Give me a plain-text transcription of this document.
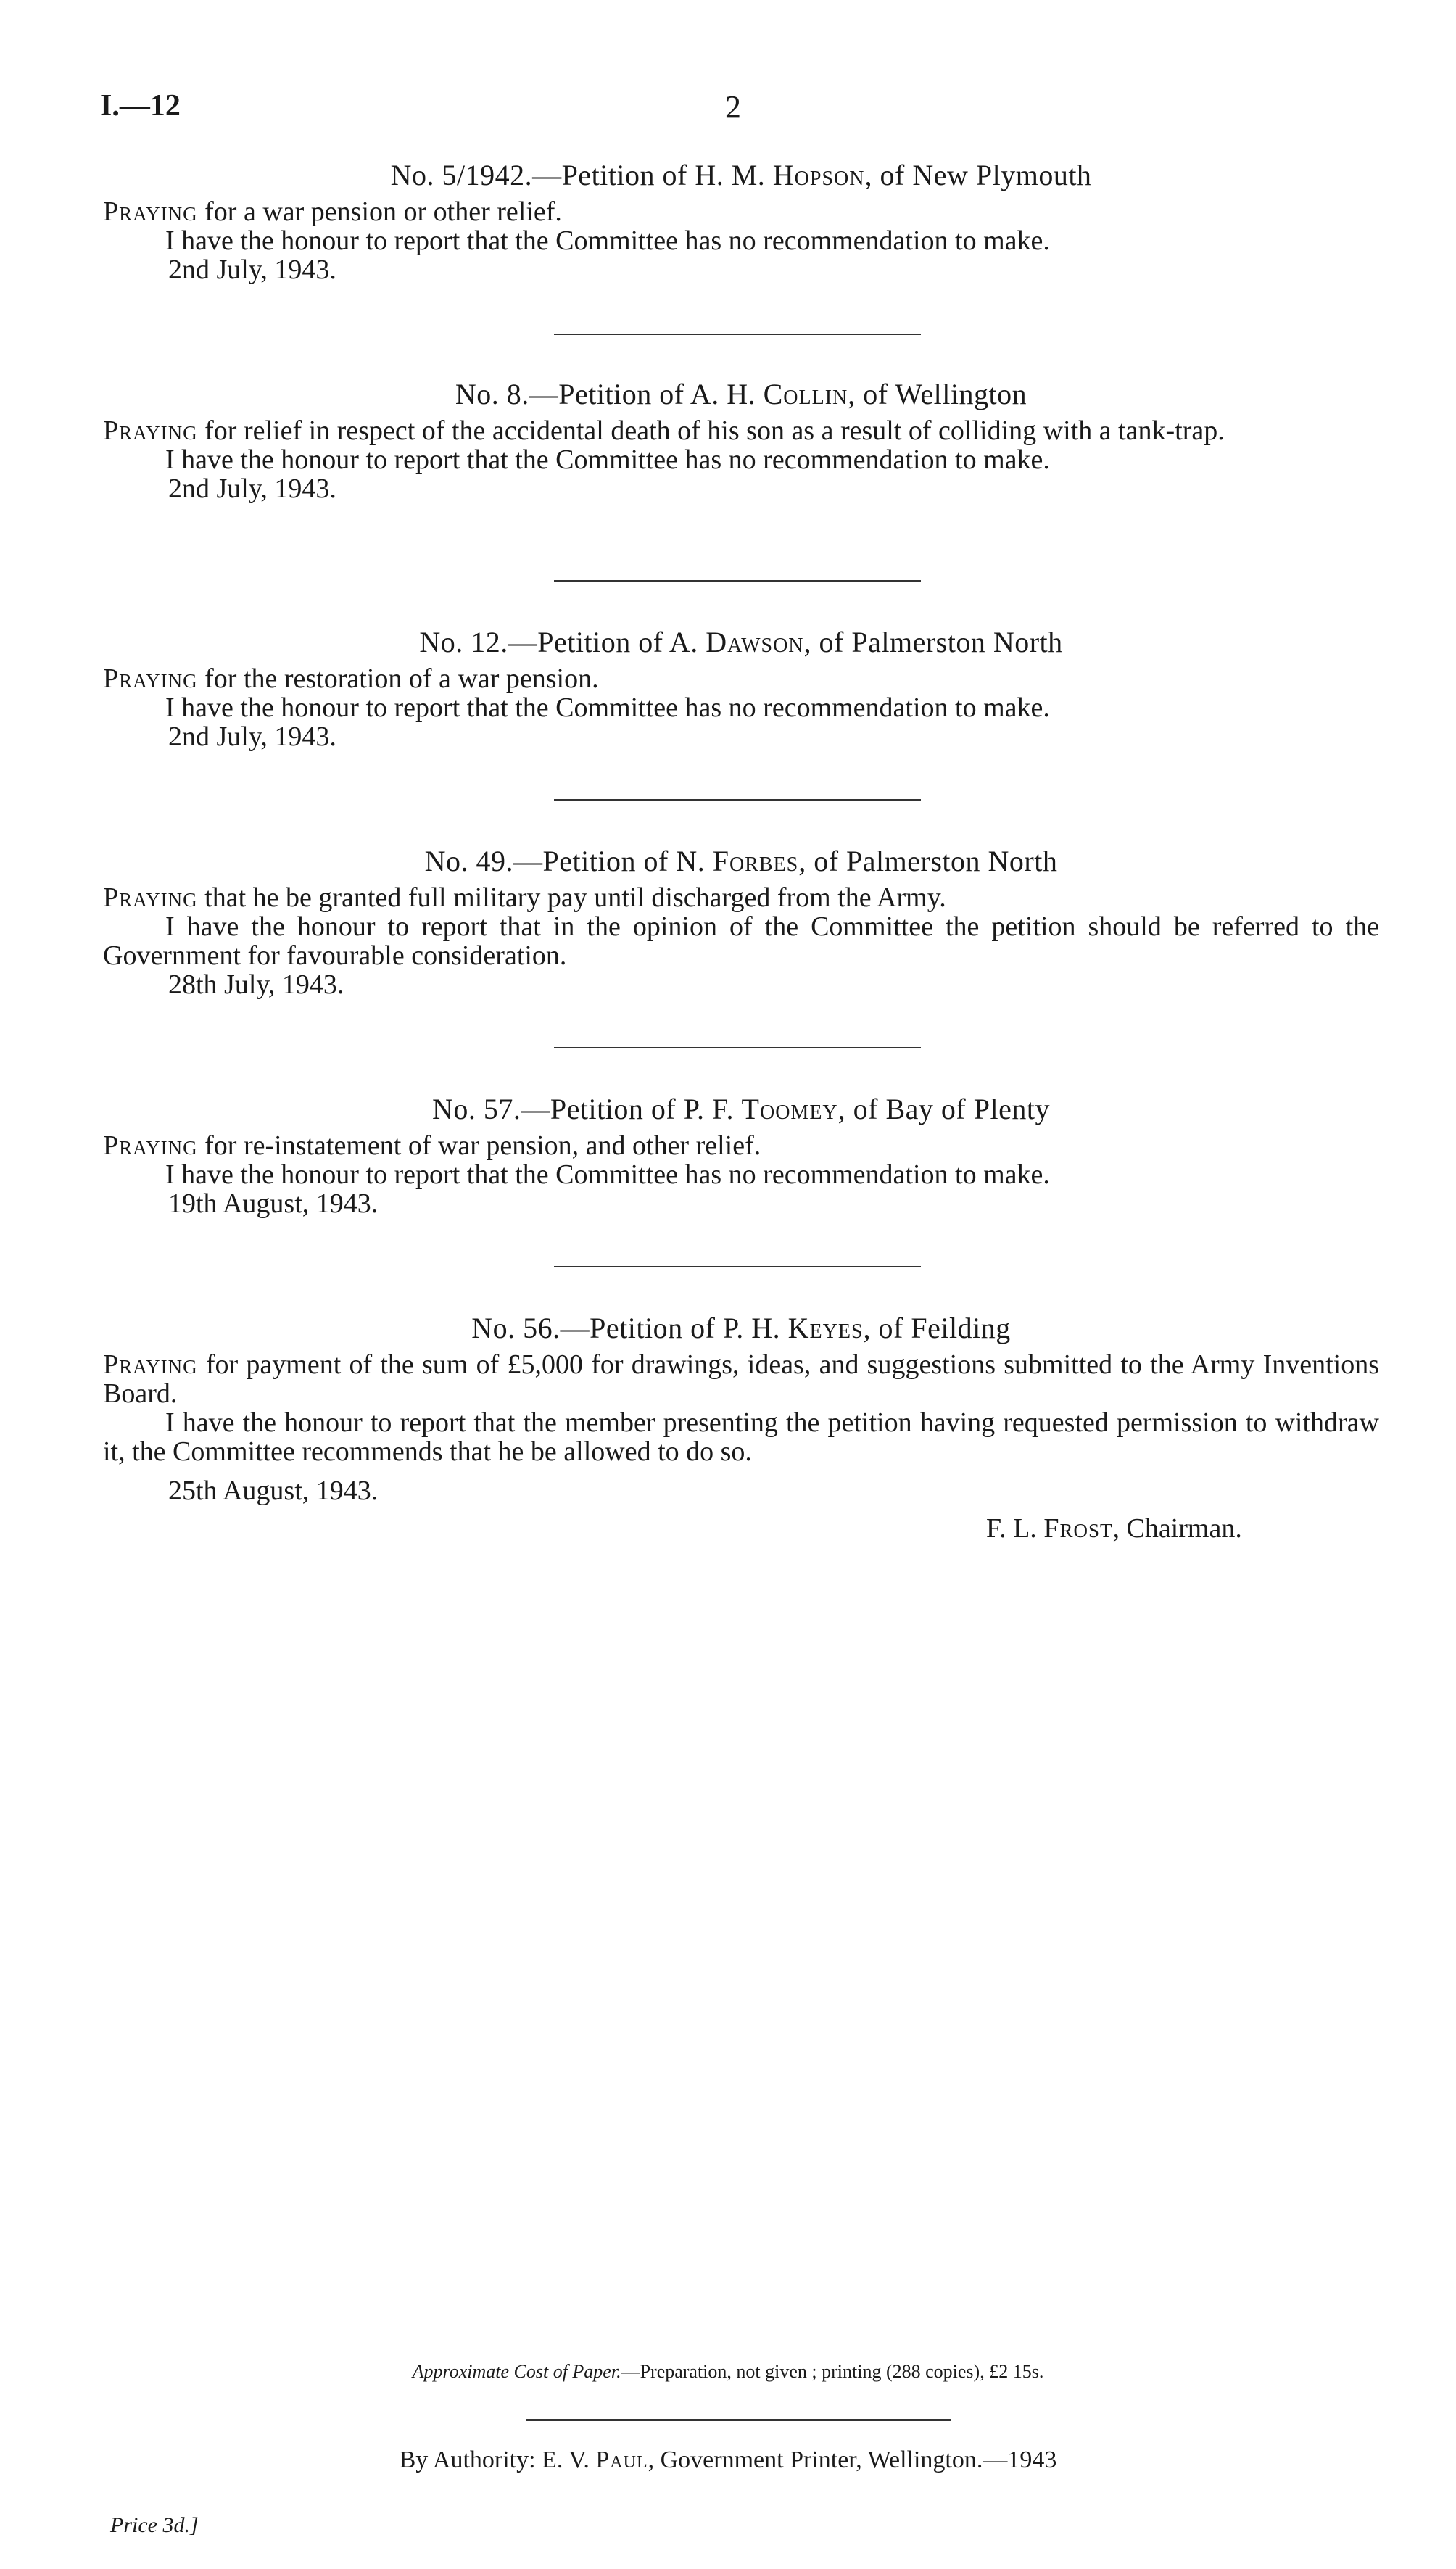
I.—12	2
No. 5/1942.—Petition of H. M. Hopson, of New Plymouth

Praying for a war pension or other relief.

I have the honour to report that the Committee has no recommendation to make.

2nd July, 1943.

No. 8.—Petition of A. H. Collin, of Wellington

Praying for relief in respect of the accidental death of his son as a result of colliding with a tank-trap.

I have the honour to report that the Committee has no recommendation to make.

2nd July, 1943.

No. 12.—Petition of A. Dawson, of Palmerston North

Praying for the restoration of a war pension.

I have the honour to report that the Committee has no recommendation to make.

2nd July, 1943.

No. 49.—Petition of N. Forbes, of Palmerston North

Praying that he be granted full military pay until discharged from the Army.

I have the honour to report that in the opinion of the Committee the petition should be referred to the Government for favourable consideration.

28th July, 1943.

No. 57.—Petition of P. F. Toomey, of Bay of Plenty

Praying for re-instatement of war pension, and other relief.

I have the honour to report that the Committee has no recommendation to make.

19th August, 1943.

No. 56.—Petition of P. H. Keyes, of Feilding

Praying for payment of the sum of £5,000 for drawings, ideas, and suggestions submitted to the Army Inventions Board.

I have the honour to report that the member presenting the petition having requested permission to withdraw it, the Committee recommends that he be allowed to do so.

25th August, 1943.

F. L. Frost, Chairman.
Approximate Cost of Paper.—Preparation, not given ; printing (288 copies), £2 15s.
By Authority: E. V. Paul, Government Printer, Wellington.—1943
Price 3d.]
